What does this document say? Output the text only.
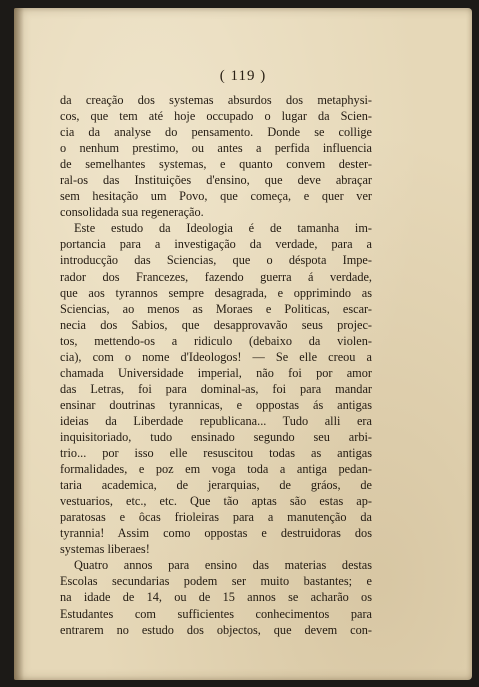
( 119 )
da creação dos systemas absurdos dos metaphysi-
cos, que tem até hoje occupado o lugar da Scien-
cia da analyse do pensamento. Donde se collige
o nenhum prestimo, ou antes a perfida influencia
de semelhantes systemas, e quanto convem dester-
ral-os das Instituições d'ensino, que deve abraçar
sem hesitação um Povo, que começa, e quer ver
consolidada sua regeneração.
Este estudo da Ideologia é de tamanha im-
portancia para a investigação da verdade, para a
introducção das Sciencias, que o déspota Impe-
rador dos Francezes, fazendo guerra á verdade,
que aos tyrannos sempre desagrada, e opprimindo as
Sciencias, ao menos as Moraes e Politicas, escar-
necia dos Sabios, que desapprovavão seus projec-
tos, mettendo-os a ridiculo (debaixo da violen-
cia), com o nome d'Ideologos! — Se elle creou a
chamada Universidade imperial, não foi por amor
das Letras, foi para dominal-as, foi para mandar
ensinar doutrinas tyrannicas, e oppostas ás antigas
ideias da Liberdade republicana... Tudo alli era
inquisitoriado, tudo ensinado segundo seu arbi-
trio... por isso elle resuscitou todas as antigas
formalidades, e poz em voga toda a antiga pedan-
taria academica, de jerarquias, de gráos, de
vestuarios, etc., etc. Que tão aptas são estas ap-
paratosas e ôcas frioleiras para a manutenção da
tyrannia! Assim como oppostas e destruidoras dos
systemas liberaes!
Quatro annos para ensino das materias destas
Escolas secundarias podem ser muito bastantes; e
na idade de 14, ou de 15 annos se acharão os
Estudantes com sufficientes conhecimentos para
entrarem no estudo dos objectos, que devem con-
